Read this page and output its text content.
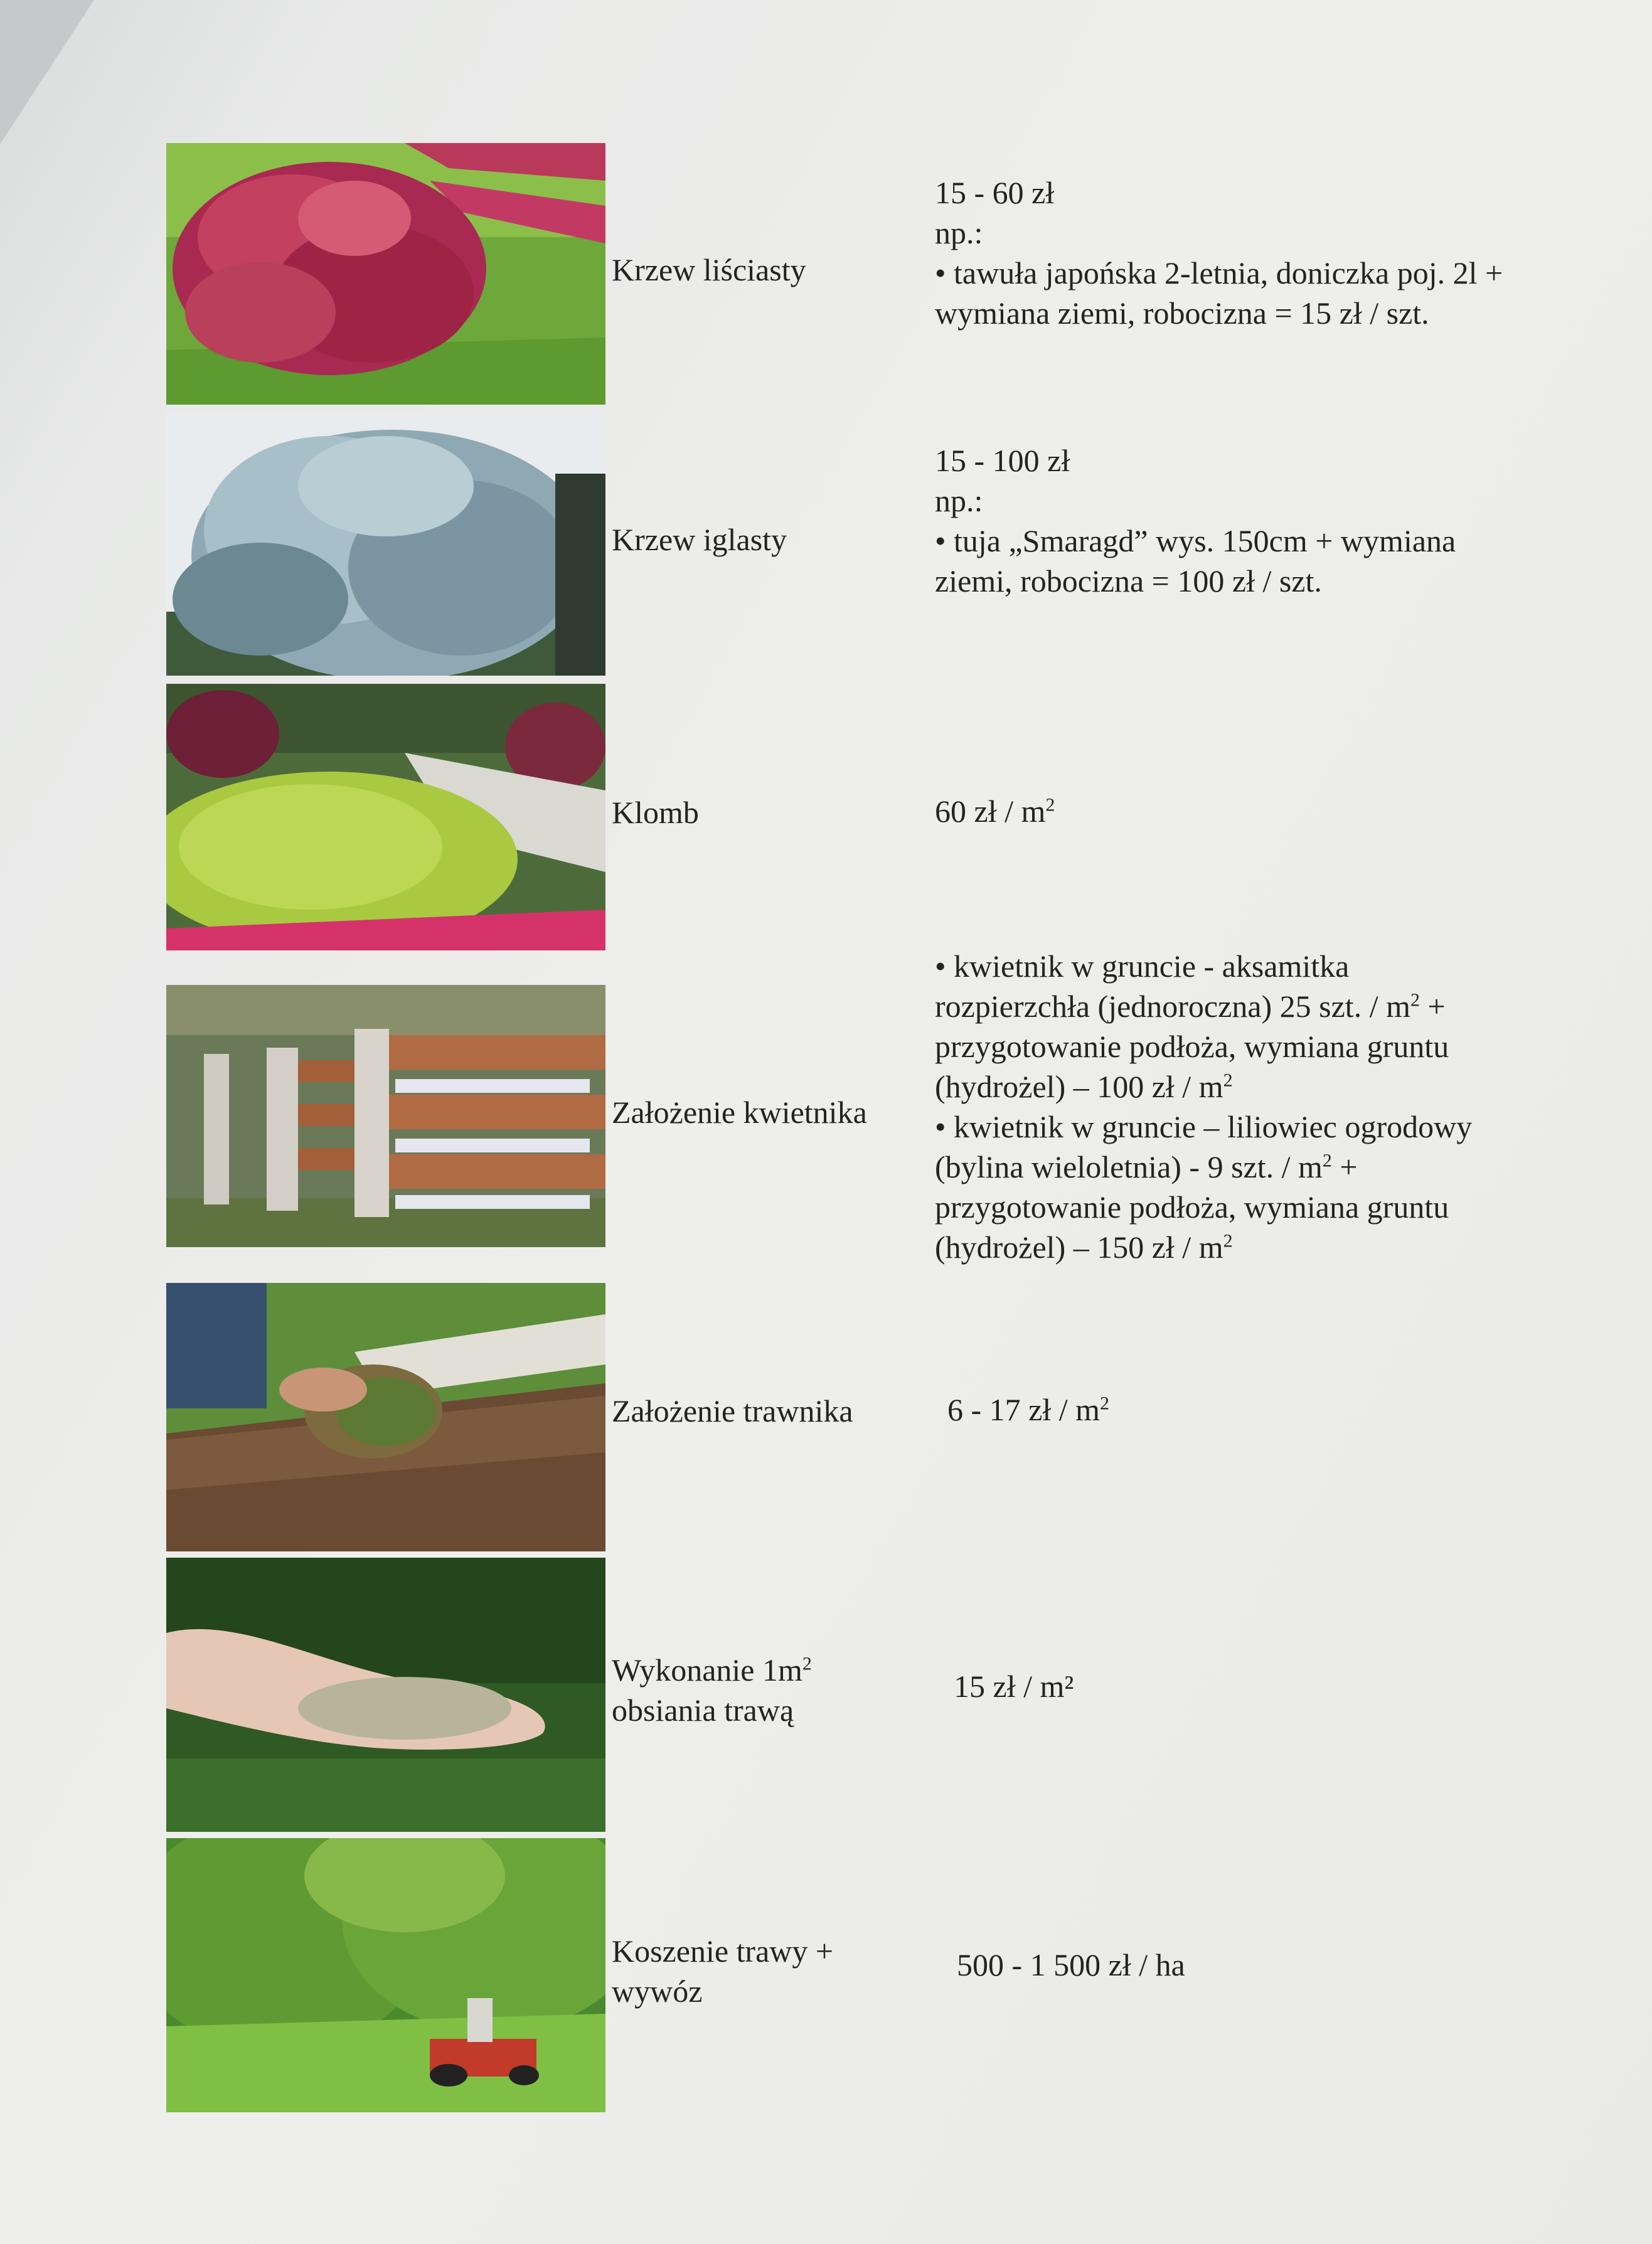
Krzew liściasty

15 - 60 zł

np.:

• tawuła japońska 2-letnia, doniczka poj. 2l + wymiana ziemi, robocizna = 15 zł / szt.

Krzew iglasty

15 - 100 zł

np.:

• tuja „Smaragd” wys. 150cm + wymiana ziemi, robocizna = 100 zł / szt.

Klomb	60 zł / $m^2$

Założenie kwietnika

• kwietnik w gruncie - aksamitka rozpierzchła (jednoroczna) 25 szt. / $m^2$ + przygotowanie podłoża, wymiana gruntu (hydrożel) – 100 zł / $m^2$

• kwietnik w gruncie – liliowiec ogrodowy (bylina wieloletnia) - 9 szt. / $m^2$ + przygotowanie podłoża, wymiana gruntu (hydrożel) – 150 zł / $m^2$

Założenie trawnika	6 - 17 zł / $m^2$

Wykonanie $1m^2$
obsiania trawą

15 zł / m²

Koszenie trawy +
wywóz

500 - 1 500 zł / ha
